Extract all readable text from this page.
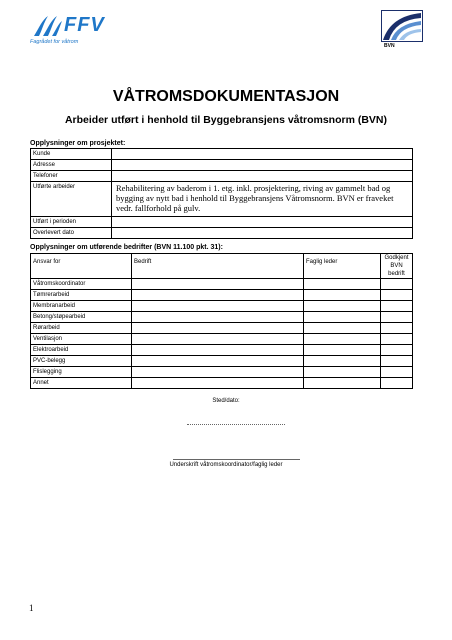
FFV
Fagrådet for våtrom
BVN
VÅTROMSDOKUMENTASJON
Arbeider utført i henhold til Byggebransjens våtromsnorm (BVN)
Opplysninger om prosjektet:
Kunde	
Adresse	
Telefoner	
Utførte arbeider	Rehabilitering av baderom i 1. etg. inkl. prosjektering, riving av gammelt bad og bygging av nytt bad i henhold til Byggebransjens Våtromsnorm. BVN er fraveket vedr. fallforhold på gulv.
Utført i perioden	
Overlevert dato	
Opplysninger om utførende bedrifter (BVN 11.100 pkt. 31):
Ansvar for	Bedrift	Faglig leder	Godkjent BVN bedrift
Våtromskoordinator			
Tømrerarbeid			
Membranarbeid			
Betong/støpearbeid			
Rørarbeid			
Ventilasjon			
Elektroarbeid			
PVC-belegg			
Flislegging			
Annet			
Sted/dato:
Underskrift våtromskoordinator/faglig leder
1
